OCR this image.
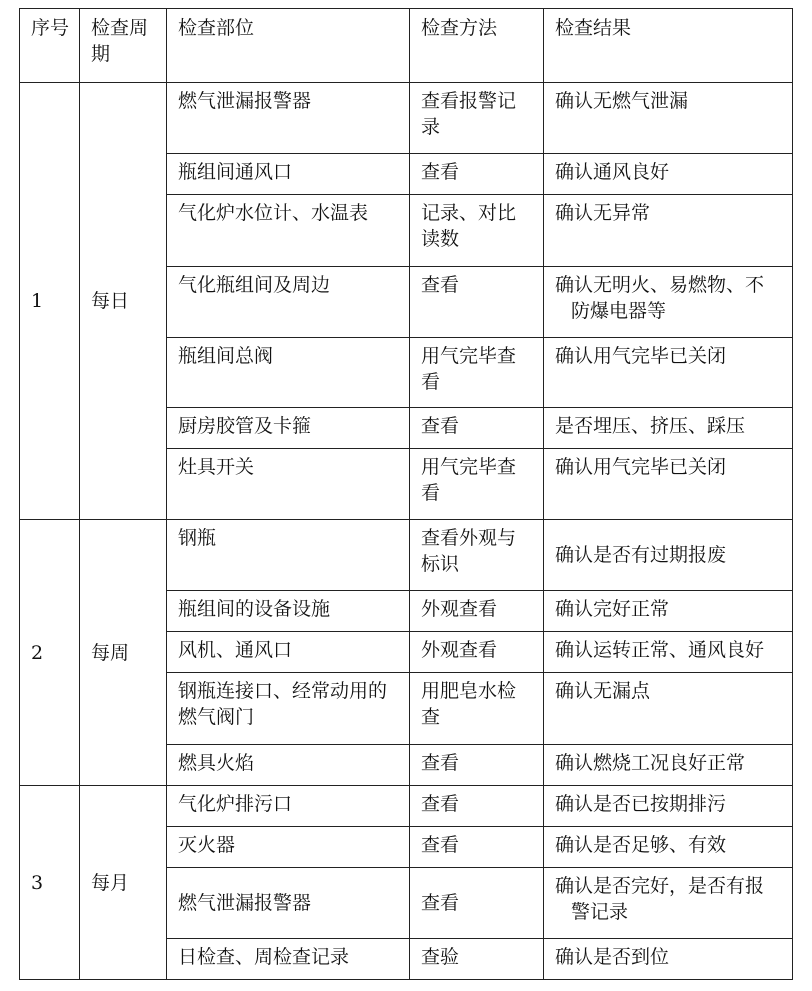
序号	检查周期	检查部位	检查方法	检查结果
1	每日	燃气泄漏报警器	查看报警记录	确认无燃气泄漏
		瓶组间通风口	查看	确认通风良好
		气化炉水位计、水温表	记录、对比读数	确认无异常
		气化瓶组间及周边	查看	确认无明火、易燃物、不防爆电器等

		瓶组间总阀	用气完毕查看	确认用气完毕已关闭
		厨房胶管及卡箍	查看	是否埋压、挤压、踩压
		灶具开关	用气完毕查看	确认用气完毕已关闭
2	每周	钢瓶	查看外观与标识	确认是否有过期报废
		瓶组间的设备设施	外观查看	确认完好正常
		风机、通风口	外观查看	确认运转正常、通风良好
		钢瓶连接口、经常动用的燃气阀门	用肥皂水检查	确认无漏点
		燃具火焰	查看	确认燃烧工况良好正常
3	每月	气化炉排污口	查看	确认是否已按期排污
		灭火器	查看	确认是否足够、有效
		燃气泄漏报警器	查看	确认是否完好，是否有报警记录

		日检查、周检查记录	查验	确认是否到位
